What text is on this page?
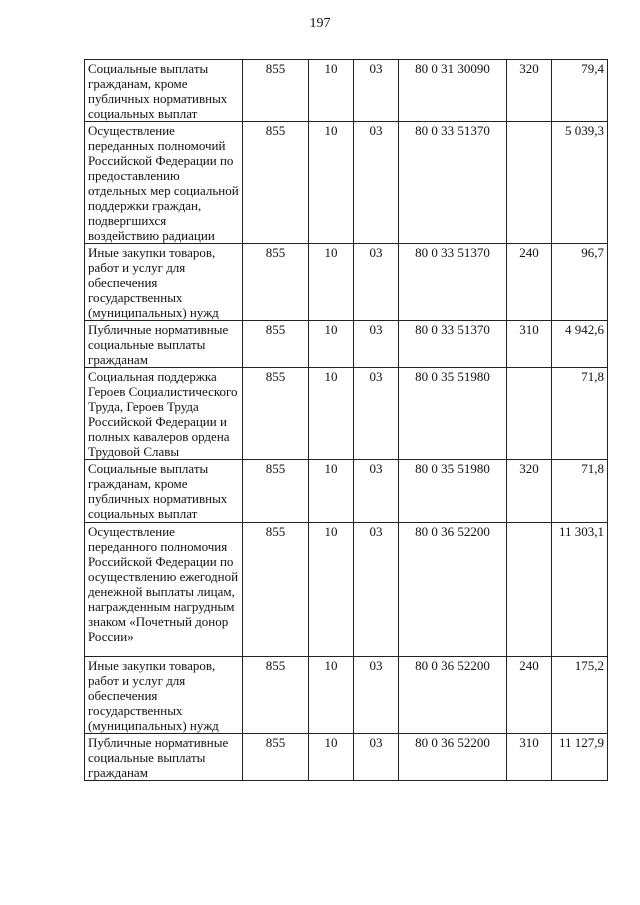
197
Социальные выплаты гражданам, кроме публичных нормативных социальных выплат	855	10	03	80 0 31 30090	320	79,4
Осуществление переданных полномочий Российской Федерации по предоставлению отдельных мер социальной поддержки граждан, подвергшихся воздействию радиации	855	10	03	80 0 33 51370		5 039,3
Иные закупки товаров, работ и услуг для обеспечения государственных (муниципальных) нужд	855	10	03	80 0 33 51370	240	96,7
Публичные нормативные социальные выплаты гражданам	855	10	03	80 0 33 51370	310	4 942,6
Социальная поддержка Героев Социалистического Труда, Героев Труда Российской Федерации и полных кавалеров ордена Трудовой Славы	855	10	03	80 0 35 51980		71,8
Социальные выплаты гражданам, кроме публичных нормативных социальных выплат	855	10	03	80 0 35 51980	320	71,8
Осуществление переданного полномочия Российской Федерации по осуществлению ежегодной денежной выплаты лицам, награжденным нагрудным знаком «Почетный донор России»	855	10	03	80 0 36 52200		11 303,1
Иные закупки товаров, работ и услуг для обеспечения государственных (муниципальных) нужд	855	10	03	80 0 36 52200	240	175,2
Публичные нормативные социальные выплаты гражданам	855	10	03	80 0 36 52200	310	11 127,9
